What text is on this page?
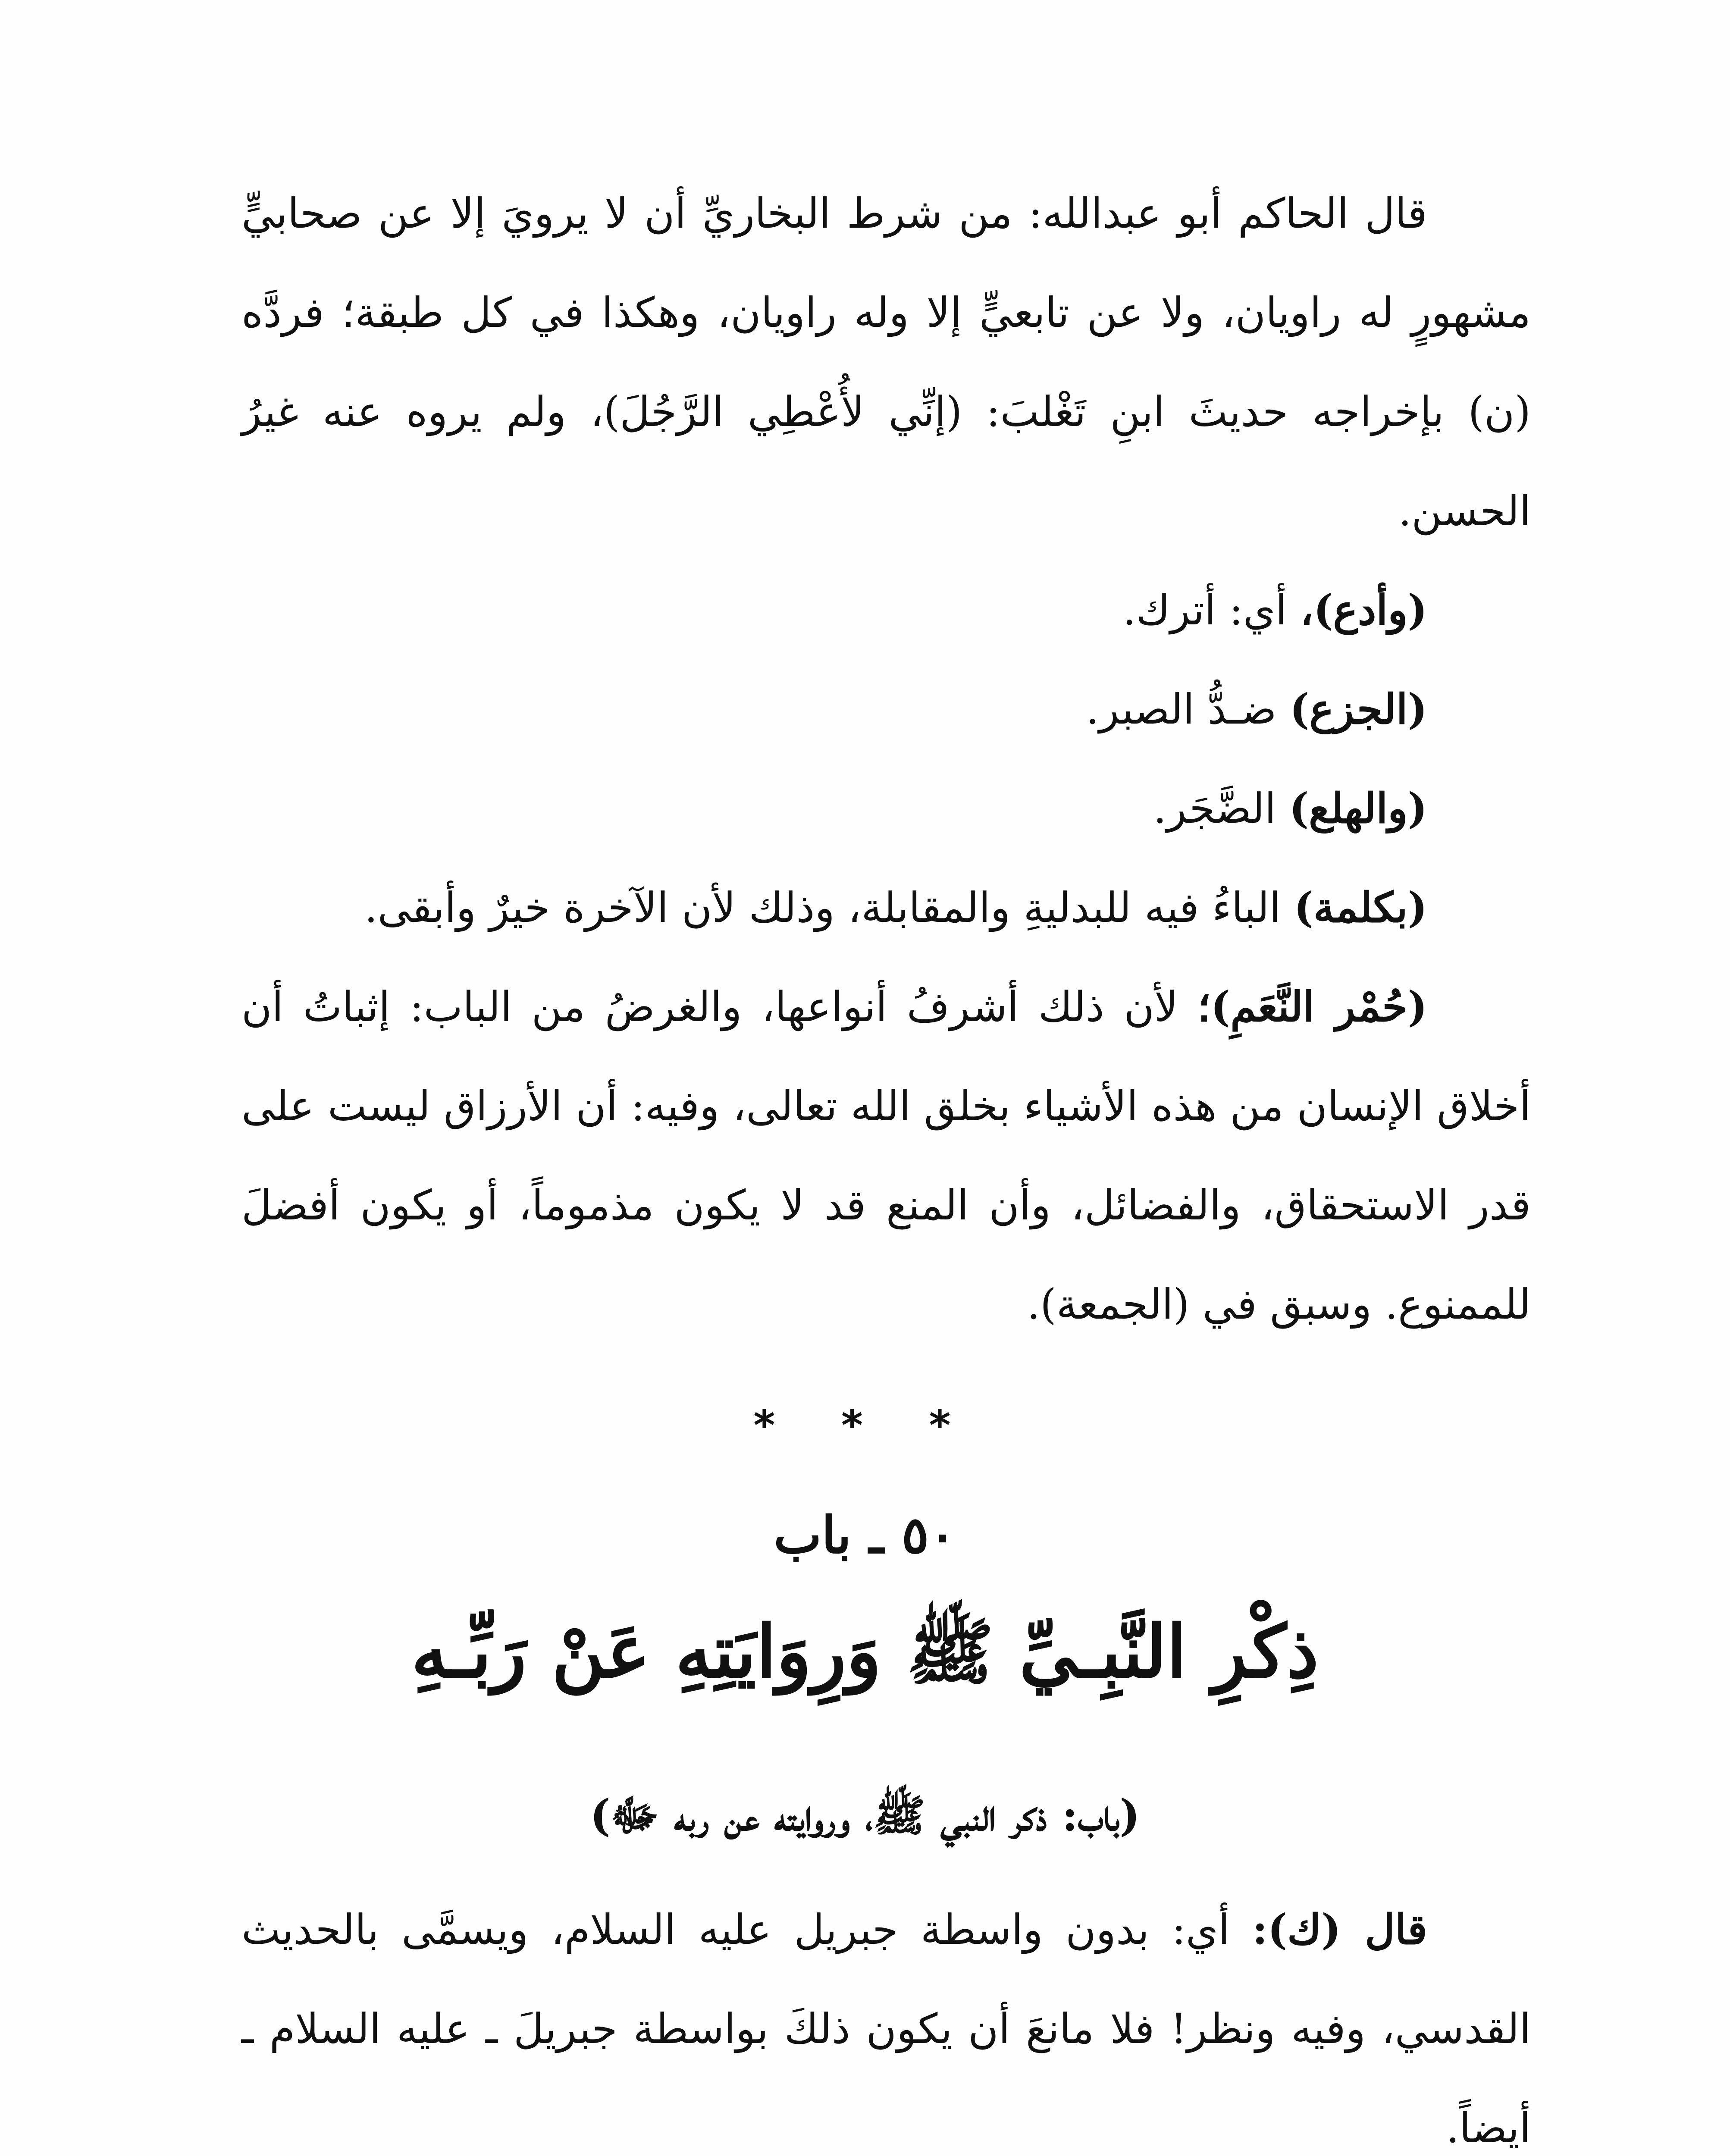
قال الحاكم أبو عبدالله: من شرط البخاريِّ أن لا يرويَ إلا عن صحابيٍّ مشهورٍ له راويان، ولا عن تابعيٍّ إلا وله راويان، وهكذا في كل طبقة؛ فردَّه (ن) بإخراجه حديثَ ابنِ تَغْلبَ: (إنِّي لأُعْطِي الرَّجُلَ)، ولم يروه عنه غيرُ الحسن.

(وأدع)، أي: أترك.

(الجزع) ضـدُّ الصبر.

(والهلع) الضَّجَر.

(بكلمة) الباءُ فيه للبدليةِ والمقابلة، وذلك لأن الآخرة خيرٌ وأبقى.

(حُمْر النَّعَمِ)؛ لأن ذلك أشرفُ أنواعها، والغرضُ من الباب: إثباتُ أن أخلاق الإنسان من هذه الأشياء بخلق الله تعالى، وفيه: أن الأرزاق ليست على قدر الاستحقاق، والفضائل، وأن المنع قد لا يكون مذموماً، أو يكون أفضلَ للممنوع. وسبق في (الجمعة).

* * *
٥٠ ـ باب
ذِكْرِ النَّبِـيِّ ﷺ وَرِوَايَتِهِ عَنْ رَبِّـهِ
(باب: ذكر النبي ﷺ، وروايته عن ربه ﷻ)

قال (ك): أي: بدون واسطة جبريل عليه السلام، ويسمَّى بالحديث القدسي، وفيه ونظر! فلا مانعَ أن يكون ذلكَ بواسطة جبريلَ ـ عليه السلام ـ أيضاً.
